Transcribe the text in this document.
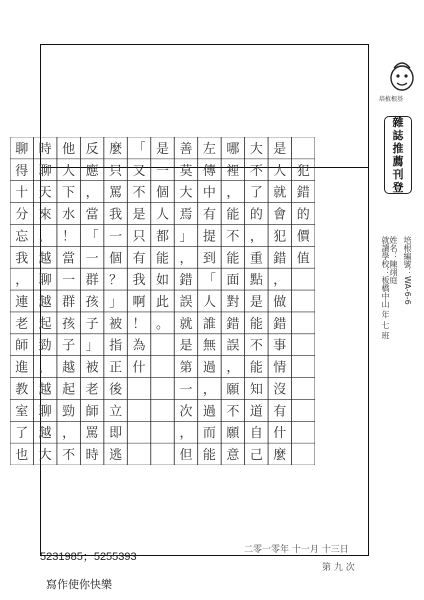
犯
錯
的
價
值
是
人
就
會
犯
錯
，
做
錯
事
情
沒
有
什
麼
大
不
了
的
，
重
點
是
能
不
能
知
道
自
己
哪
裡
，
能
不
能
面
對
錯
誤
，
願
不
願
意
左
傳
中
有
提
到
「
人
誰
無
過
，
過
而
能
善
莫
大
焉
」
，
錯
誤
就
是
第
一
次
，
但
是
一
個
人
都
能
如
此
。
「
又
不
是
只
有
我
啊
！
為
什
麼
只
罵
我
一
個
？
」
被
指
正
後
立
即
逃
反
應
，
當
「
一
群
孩
子
」
被
老
師
罵
時
他
人
下
水
！
當
一
群
孩
子
越
起
勁
，
不
時
聊
天
來
，
越
聊
越
起
勁
，
越
聊
越
大
聊
得
十
分
忘
我
，
連
老
師
進
教
室
了
也
培植根基
雜
誌
推
薦
刊
登
培根編號：WA-6-6
姓名：陳翊庭
就讀學校：板橋中山 年 七 班
二零一零年 十一月 十三日
第 九 次
5231985；5255393
寫作使你快樂
